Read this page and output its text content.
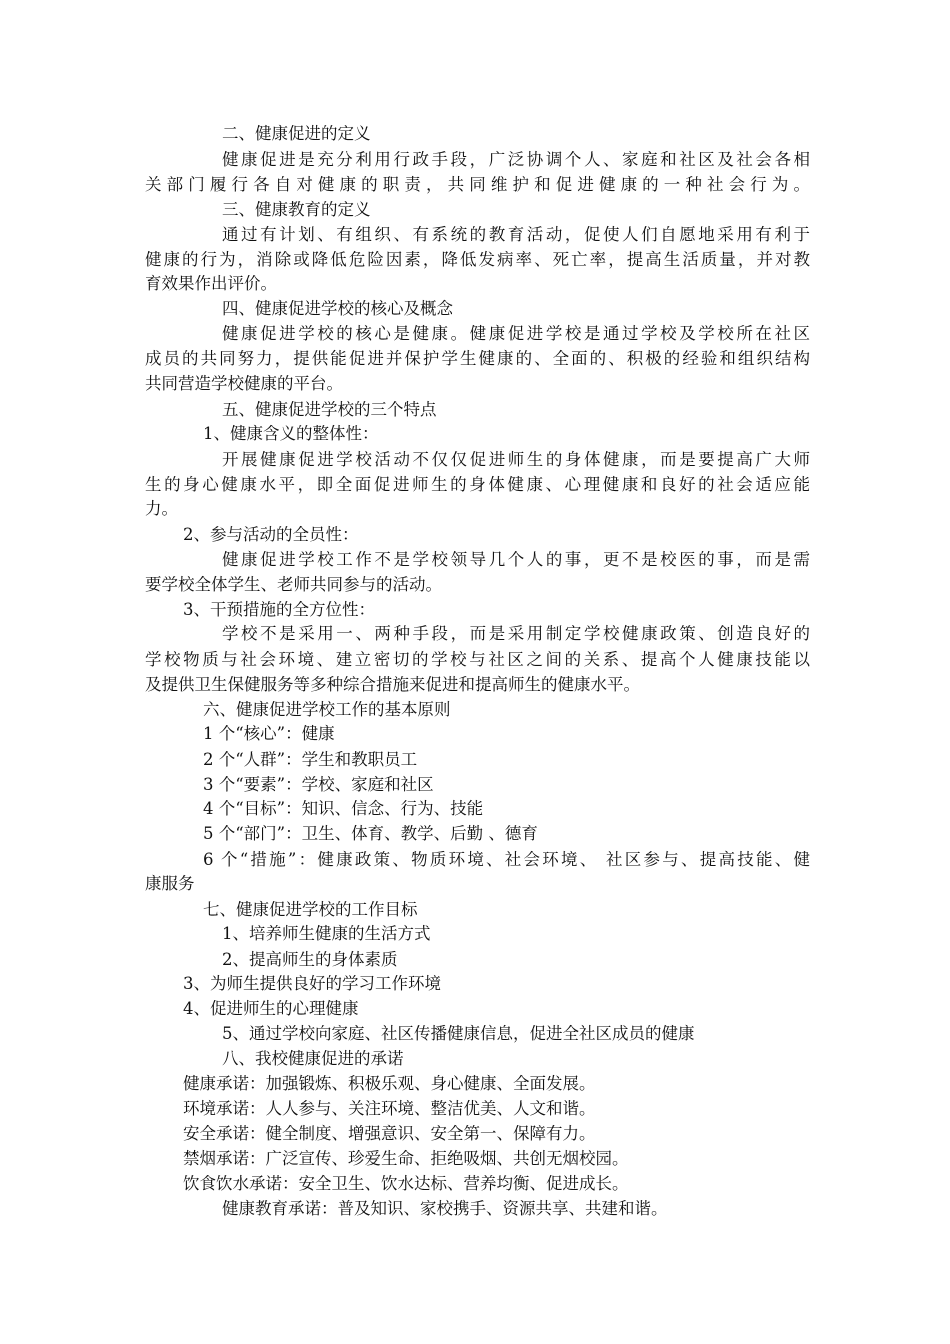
二、健康促进的定义
健康促进是充分利用行政手段，广泛协调个人、家庭和社区及社会各相
关部门履行各自对健康的职责，共同维护和促进健康的一种社会行为。
三、健康教育的定义
通过有计划、有组织、有系统的教育活动，促使人们自愿地采用有利于
健康的行为，消除或降低危险因素，降低发病率、死亡率，提高生活质量，并对教
育效果作出评价。
四、健康促进学校的核心及概念
健康促进学校的核心是健康。健康促进学校是通过学校及学校所在社区
成员的共同努力，提供能促进并保护学生健康的、全面的、积极的经验和组织结构
共同营造学校健康的平台。
五、健康促进学校的三个特点
1、健康含义的整体性：
开展健康促进学校活动不仅仅促进师生的身体健康，而是要提高广大师
生的身心健康水平，即全面促进师生的身体健康、心理健康和良好的社会适应能
力。
2、参与活动的全员性：
健康促进学校工作不是学校领导几个人的事，更不是校医的事，而是需
要学校全体学生、老师共同参与的活动。
3、干预措施的全方位性：
学校不是采用一、两种手段，而是采用制定学校健康政策、创造良好的
学校物质与社会环境、建立密切的学校与社区之间的关系、提高个人健康技能以
及提供卫生保健服务等多种综合措施来促进和提高师生的健康水平。
六、健康促进学校工作的基本原则
1 个“核心”：健康
2 个“人群”：学生和教职员工
3 个“要素”：学校、家庭和社区
4 个“目标”：知识、信念、行为、技能
5 个“部门”：卫生、体育、教学、后勤 、德育
6 个“措施”：健康政策、物质环境、社会环境、 社区参与、提高技能、健
康服务
七、健康促进学校的工作目标
1、培养师生健康的生活方式
2、提高师生的身体素质
3、为师生提供良好的学习工作环境
4、促进师生的心理健康
5、通过学校向家庭、社区传播健康信息，促进全社区成员的健康
八、我校健康促进的承诺
健康承诺：加强锻炼、积极乐观、身心健康、全面发展。
环境承诺：人人参与、关注环境、整洁优美、人文和谐。
安全承诺：健全制度、增强意识、安全第一、保障有力。
禁烟承诺：广泛宣传、珍爱生命、拒绝吸烟、共创无烟校园。
饮食饮水承诺：安全卫生、饮水达标、营养均衡、促进成长。
健康教育承诺：普及知识、家校携手、资源共享、共建和谐。
